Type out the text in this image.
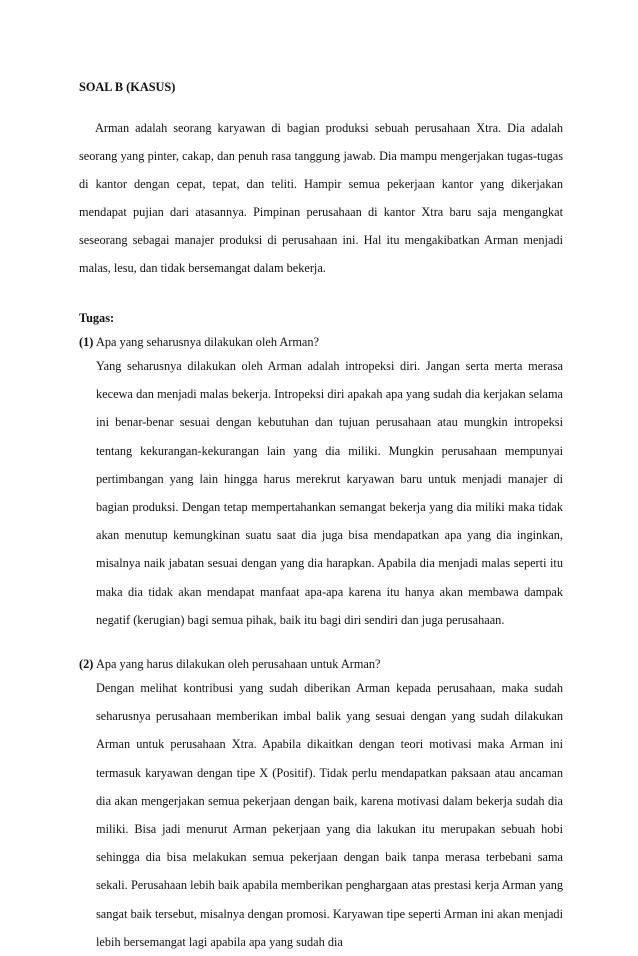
SOAL B (KASUS)

Arman adalah seorang karyawan di bagian produksi sebuah perusahaan Xtra. Dia adalah seorang yang pinter, cakap, dan penuh rasa tanggung jawab. Dia mampu mengerjakan tugas-tugas di kantor dengan cepat, tepat, dan teliti. Hampir semua pekerjaan kantor yang dikerjakan mendapat pujian dari atasannya. Pimpinan perusahaan di kantor Xtra baru saja mengangkat seseorang sebagai manajer produksi di perusahaan ini. Hal itu mengakibatkan Arman menjadi malas, lesu, dan tidak bersemangat dalam bekerja.

Tugas:

(1) Apa yang seharusnya dilakukan oleh Arman?

Yang seharusnya dilakukan oleh Arman adalah intropeksi diri. Jangan serta merta merasa kecewa dan menjadi malas bekerja. Intropeksi diri apakah apa yang sudah dia kerjakan selama ini benar-benar sesuai dengan kebutuhan dan tujuan perusahaan atau mungkin intropeksi tentang kekurangan-kekurangan lain yang dia miliki. Mungkin perusahaan mempunyai pertimbangan yang lain hingga harus merekrut karyawan baru untuk menjadi manajer di bagian produksi. Dengan tetap mempertahankan semangat bekerja yang dia miliki maka tidak akan menutup kemungkinan suatu saat dia juga bisa mendapatkan apa yang dia inginkan, misalnya naik jabatan sesuai dengan yang dia harapkan. Apabila dia menjadi malas seperti itu maka dia tidak akan mendapat manfaat apa-apa karena itu hanya akan membawa dampak negatif (kerugian) bagi semua pihak, baik itu bagi diri sendiri dan juga perusahaan.

(2) Apa yang harus dilakukan oleh perusahaan untuk Arman?

Dengan melihat kontribusi yang sudah diberikan Arman kepada perusahaan, maka sudah seharusnya perusahaan memberikan imbal balik yang sesuai dengan yang sudah dilakukan Arman untuk perusahaan Xtra. Apabila dikaitkan dengan teori motivasi maka Arman ini termasuk karyawan dengan tipe X (Positif). Tidak perlu mendapatkan paksaan atau ancaman dia akan mengerjakan semua pekerjaan dengan baik, karena motivasi dalam bekerja sudah dia miliki. Bisa jadi menurut Arman pekerjaan yang dia lakukan itu merupakan sebuah hobi sehingga dia bisa melakukan semua pekerjaan dengan baik tanpa merasa terbebani sama sekali. Perusahaan lebih baik apabila memberikan penghargaan atas prestasi kerja Arman yang sangat baik tersebut, misalnya dengan promosi. Karyawan tipe seperti Arman ini akan menjadi lebih bersemangat lagi apabila apa yang sudah dia
